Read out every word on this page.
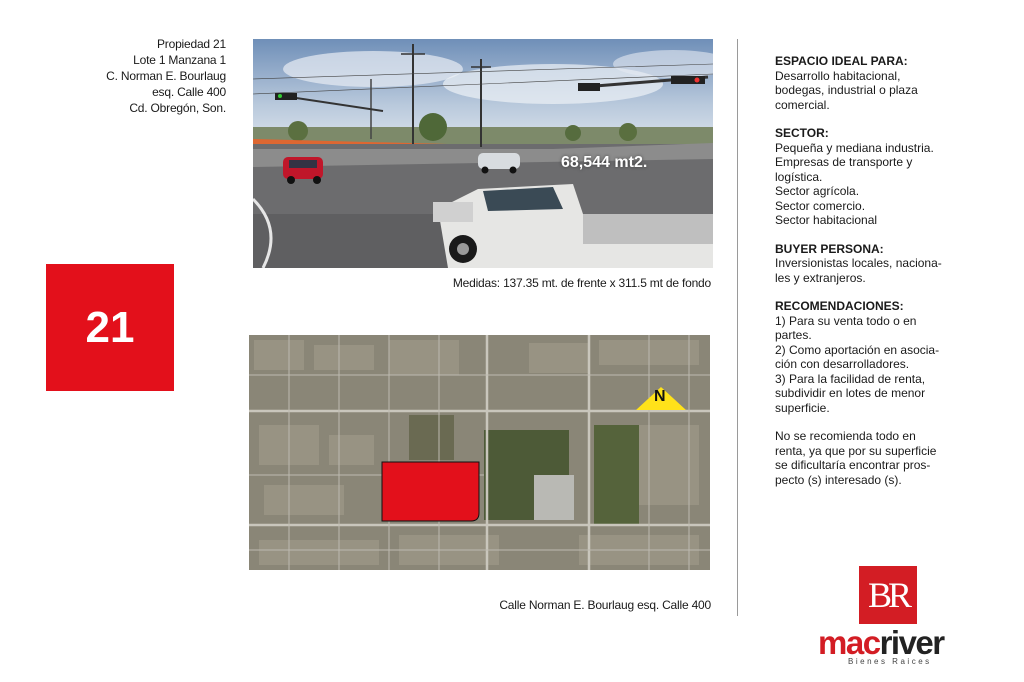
Propiedad 21
Lote 1 Manzana 1
C. Norman E. Bourlaug
esq. Calle 400
Cd. Obregón, Son.
21
68,544 mt2.
Medidas: 137.35 mt. de frente x 311.5 mt de fondo
N
Calle Norman E. Bourlaug esq. Calle 400
ESPACIO IDEAL PARA:

Desarrollo habitacional,

bodegas, industrial o plaza

comercial.

SECTOR:

Pequeña y mediana industria.

Empresas de transporte y

logística.

Sector agrícola.

Sector comercio.

Sector habitacional

BUYER PERSONA:

Inversionistas locales, naciona-

les y extranjeros.

RECOMENDACIONES:

1) Para su venta todo o en

partes.

2) Como aportación en asocia-

ción con desarrolladores.

3) Para la facilidad de renta,

subdividir en lotes de menor

superficie.

No se recomienda todo en

renta, ya que por su superficie

se dificultaría encontrar pros-

pecto (s) interesado (s).

BR
macriver
Bienes Raices
